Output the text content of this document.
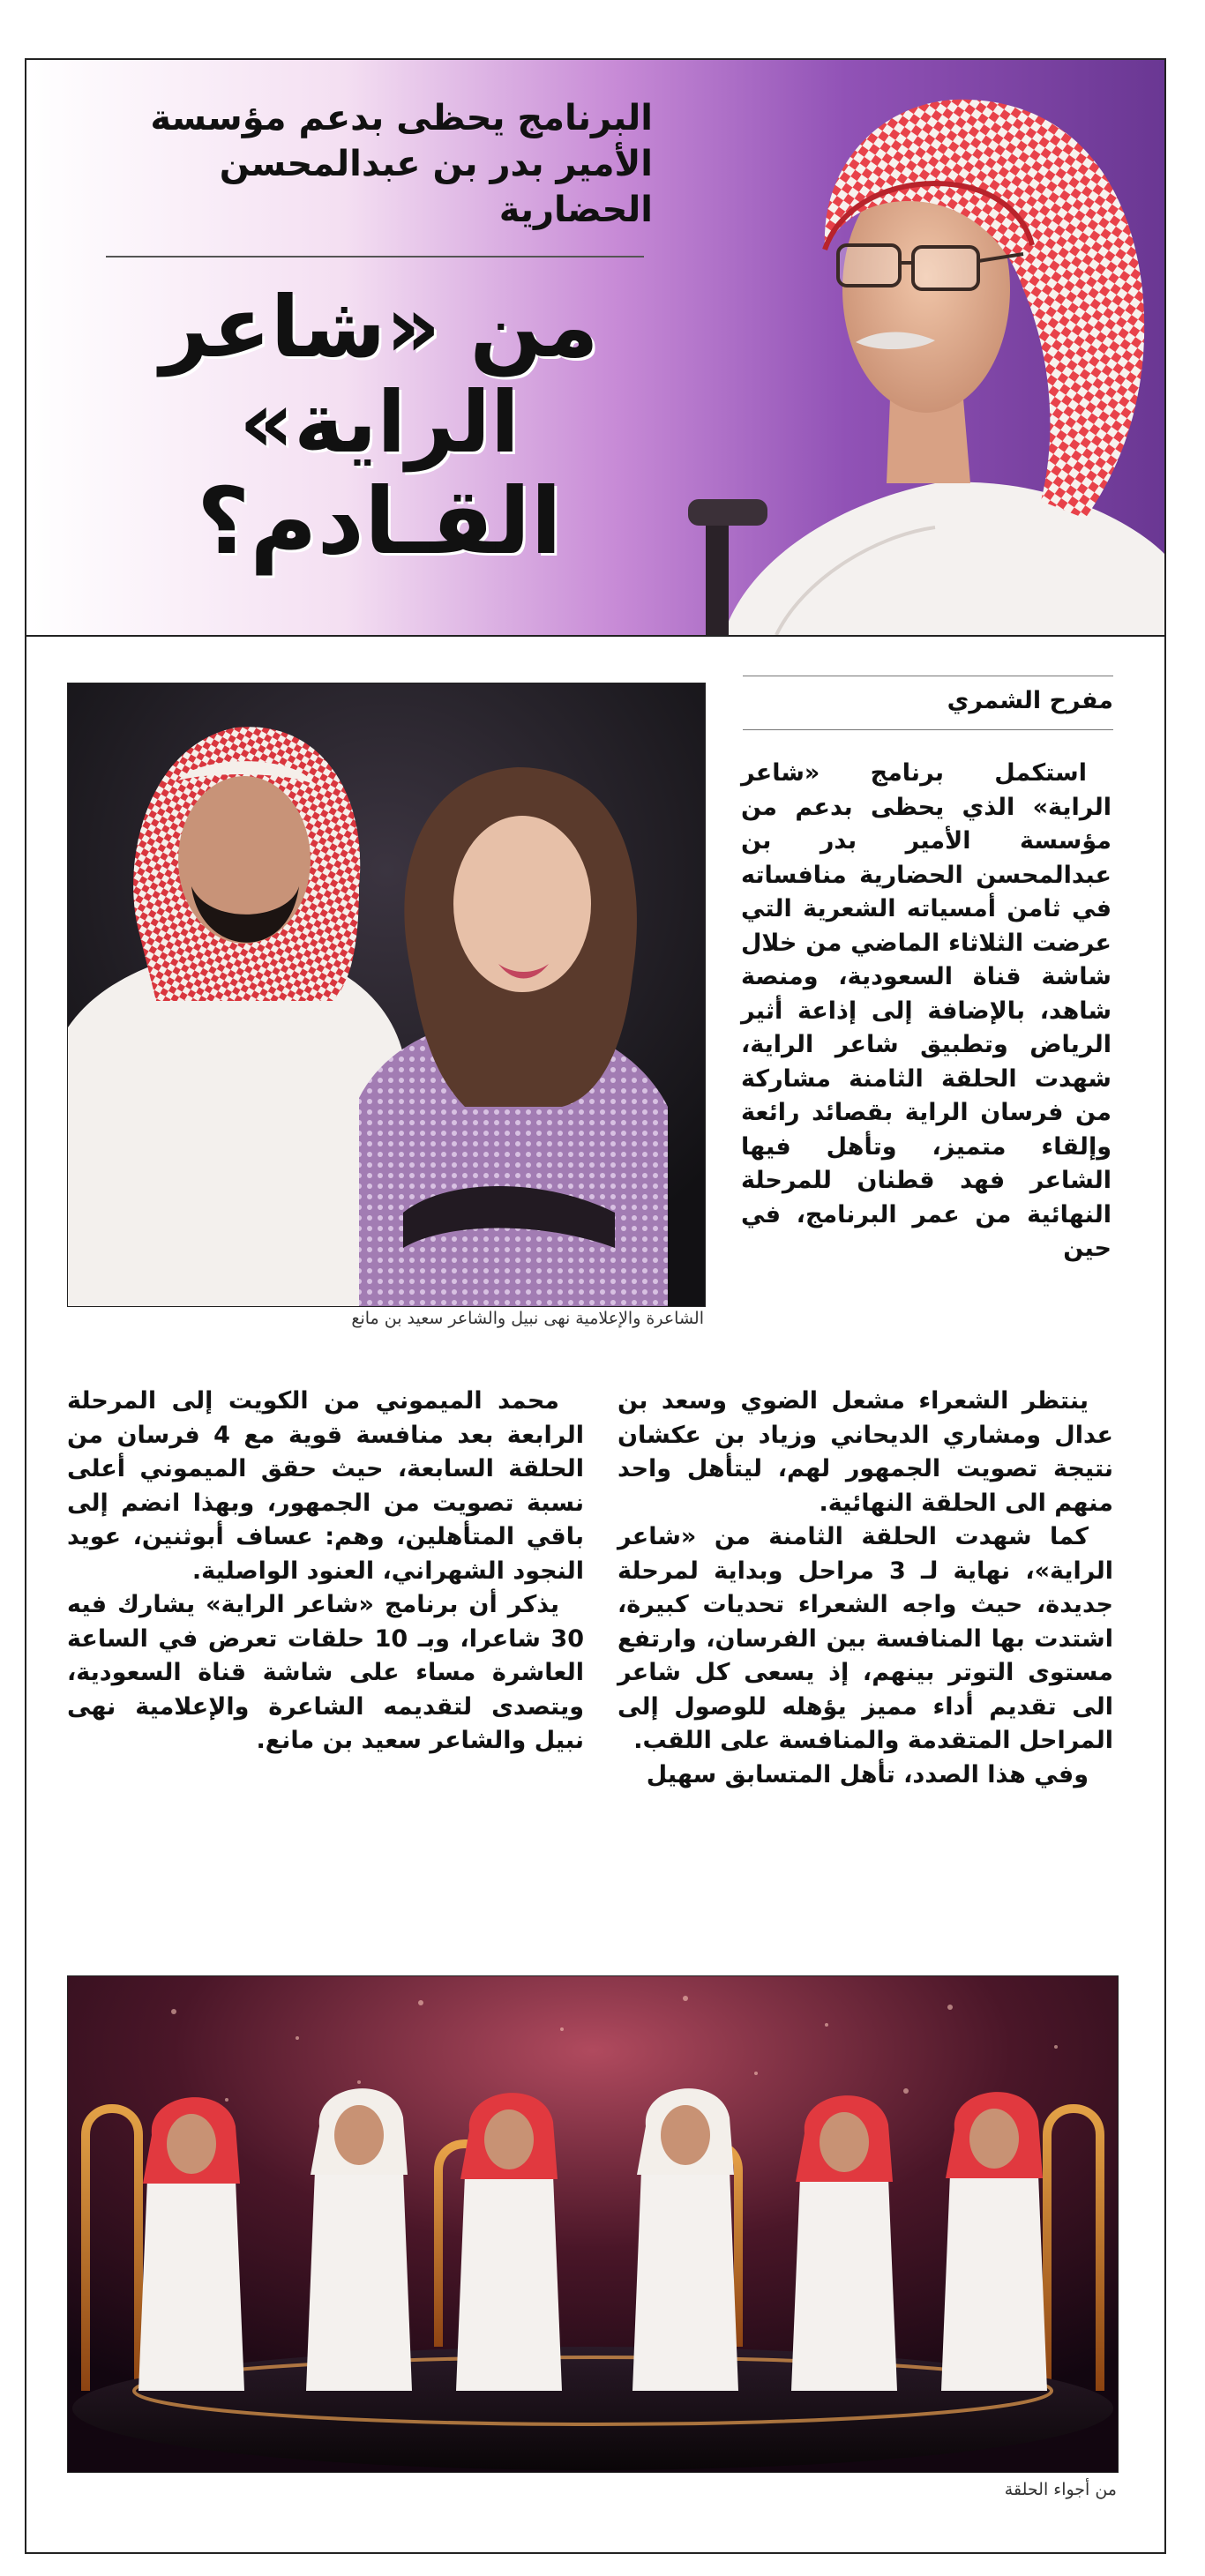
البرنامج يحظى بدعم مؤسسة
الأمير بدر بن عبدالمحسن الحضارية
من «شاعر الراية»
القـادم؟
الشاعرة والإعلامية نهى نبيل والشاعر سعيد بن مانع
مفرح الشمري

استكمل برنامج «شاعر الراية» الذي يحظى بدعم من مؤسسة الأمير بدر بن عبدالمحسن الحضارية منافساته في ثامن أمسياته الشعرية التي عرضت الثلاثاء الماضي من خلال شاشة قناة السعودية، ومنصة شاهد، بالإضافة إلى إذاعة أثير الرياض وتطبيق شاعر الراية، شهدت الحلقة الثامنة مشاركة من فرسان الراية بقصائد رائعة وإلقاء متميز، وتأهل فيها الشاعر فهد قطنان للمرحلة النهائية من عمر البرنامج، في حين

ينتظر الشعراء مشعل الضوي وسعد بن عدال ومشاري الديحاني وزياد بن عكشان نتيجة تصويت الجمهور لهم، ليتأهل واحد منهم الى الحلقة النهائية.

كما شهدت الحلقة الثامنة من «شاعر الراية»، نهاية لـ 3 مراحل وبداية لمرحلة جديدة، حيث واجه الشعراء تحديات كبيرة، اشتدت بها المنافسة بين الفرسان، وارتفع مستوى التوتر بينهم، إذ يسعى كل شاعر الى تقديم أداء مميز يؤهله للوصول إلى المراحل المتقدمة والمنافسة على اللقب.

وفي هذا الصدد، تأهل المتسابق سهيل

محمد الميموني من الكويت إلى المرحلة الرابعة بعد منافسة قوية مع 4 فرسان من الحلقة السابعة، حيث حقق الميموني أعلى نسبة تصويت من الجمهور، وبهذا انضم إلى باقي المتأهلين، وهم: عساف أبوثنين، عويد النجود الشهراني، العنود الواصلية.

يذكر أن برنامج «شاعر الراية» يشارك فيه 30 شاعرا، وبـ 10 حلقات تعرض في الساعة العاشرة مساء على شاشة قناة السعودية، ويتصدى لتقديمه الشاعرة والإعلامية نهى نبيل والشاعر سعيد بن مانع.

من أجواء الحلقة
